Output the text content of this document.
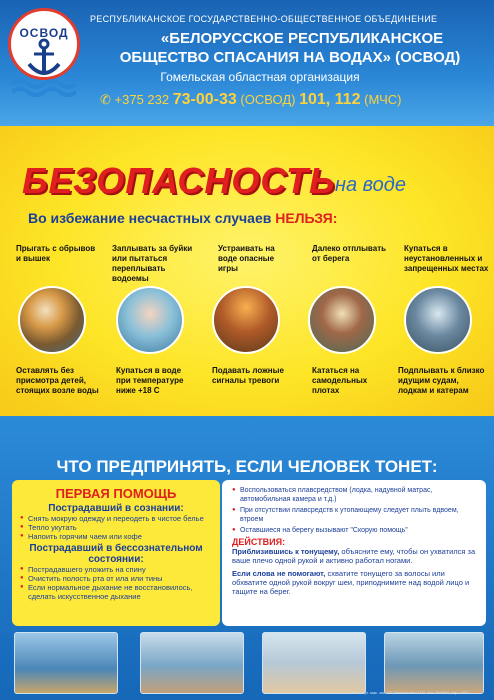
ОСВОД
РЕСПУБЛИКАНСКОЕ ГОСУДАРСТВЕННО-ОБЩЕСТВЕННОЕ ОБЪЕДИНЕНИЕ
«БЕЛОРУССКОЕ РЕСПУБЛИКАНСКОЕ
ОБЩЕСТВО СПАСАНИЯ НА ВОДАХ» (ОСВОД)
Гомельская областная организация
✆ +375 232 73-00-33 (ОСВОД) 101, 112 (МЧС)
БЕЗОПАСНОСТЬ на воде
Во избежание несчастных случаев НЕЛЬЗЯ:
Прыгать с обрывов и вышек
Заплывать за буйки или пытаться переплывать водоемы
Устраивать на воде опасные игры
Далеко отплывать от берега
Купаться в неустановленных и запрещенных местах
Оставлять без присмотра детей, стоящих возле воды
Купаться в воде при температуре ниже +18 С
Подавать ложные сигналы тревоги
Кататься на самодельных плотах
Подплывать к близко идущим судам, лодкам и катерам
ЧТО ПРЕДПРИНЯТЬ, ЕСЛИ ЧЕЛОВЕК ТОНЕТ:
ПЕРВАЯ ПОМОЩЬ
Пострадавший в сознании:
● Снять мокрую одежду и переодеть в чистое белье
● Тепло укутать
● Напоить горячим чаем или кофе
Пострадавший в бессознательном состоянии:
● Пострадавшего уложить на спину
● Очистить полость рта от ила или тины
● Если нормальное дыхание не восстановилось, сделать искусственное дыхание
● Воспользоваться плавсредством (лодка, надувной матрас, автомобильная камера и т.д.)
● При отсутствии плавсредств к утопающему следует плыть вдвоем, втроем
● Оставшиеся на берегу вызывают "Скорую помощь"
ДЕЙСТВИЯ:
Приблизившись к тонущему, объясните ему, чтобы он ухватился за ваше плечо одной рукой и активно работал ногами.
Если слова не помогают, схватите тонущего за волосы или обхватите одной рукой вокруг шеи, приподнимите над водой лицо и тащите на берег.
Отп. с орг. мак. зак. УП "Межпечать" Н.В. Зак. №3064, тир. 1600
